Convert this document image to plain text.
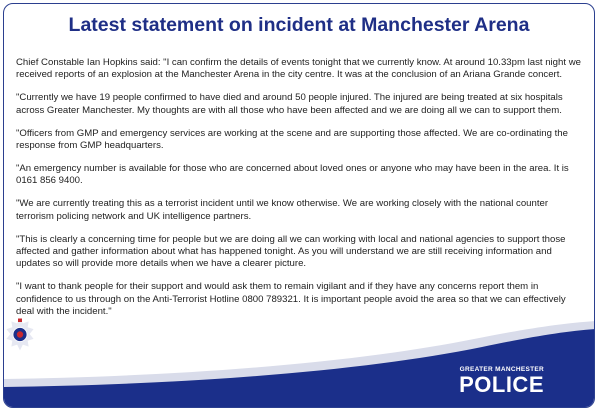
Latest statement on incident at Manchester Arena

Chief Constable Ian Hopkins said: "I can confirm the details of events tonight that we currently know. At around 10.33pm last night we received reports of an explosion at the Manchester Arena in the city centre. It was at the conclusion of an Ariana Grande concert.

"Currently we have 19 people confirmed to have died and around 50 people injured. The injured are being treated at six hospitals across Greater Manchester. My thoughts are with all those who have been affected and we are doing all we can to support them.

"Officers from GMP and emergency services are working at the scene and are supporting those affected. We are co-ordinating the response from GMP headquarters.

"An emergency number is available for those who are concerned about loved ones or anyone who may have been in the area. It is 0161 856 9400.

"We are currently treating this as a terrorist incident until we know otherwise. We are working closely with the national counter terrorism policing network and UK intelligence partners.

"This is clearly a concerning time for people but we are doing all we can working with local and national agencies to support those affected and gather information about what has happened tonight. As you will understand we are still receiving information and updates so will provide more details when we have a clearer picture.

"I want to thank people for their support and would ask them to remain vigilant and if they have any concerns report them in confidence to us through on the Anti-Terrorist Hotline 0800 789321. It is important people avoid the area so that we can effectively deal with the incident."

GREATER MANCHESTER
POLICE
